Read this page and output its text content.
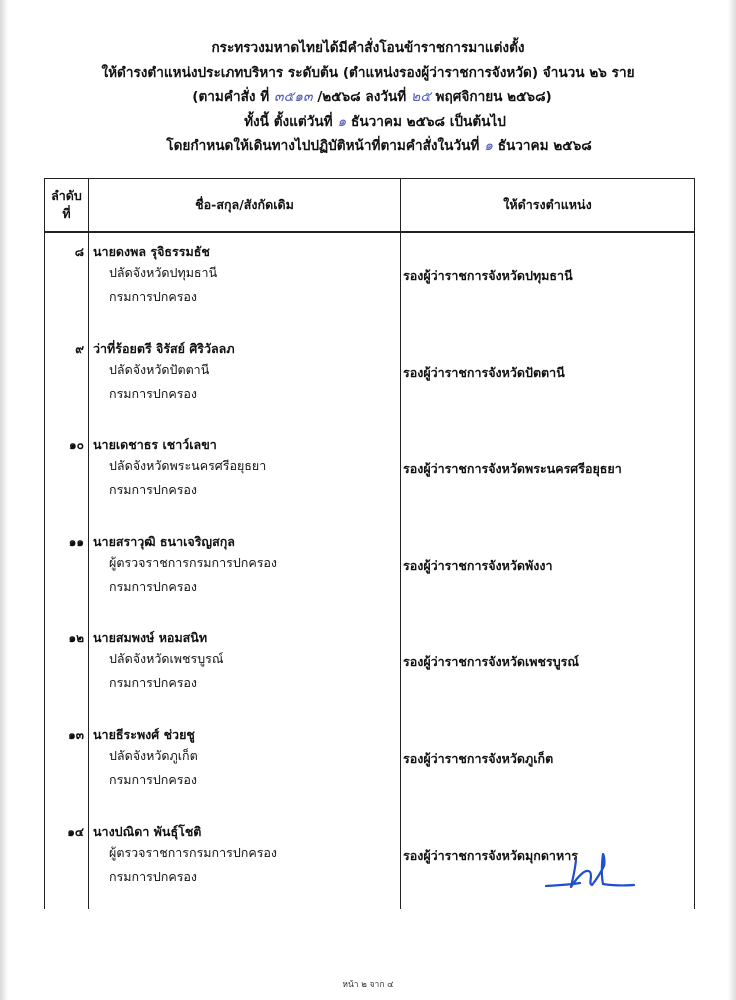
กระทรวงมหาดไทยได้มีคำสั่งโอนข้าราชการมาแต่งตั้ง
ให้ดำรงตำแหน่งประเภทบริหาร ระดับต้น (ตำแหน่งรองผู้ว่าราชการจังหวัด) จำนวน ๒๖ ราย
(ตามคำสั่ง ที่ ๓๕๑๓ /๒๕๖๘ ลงวันที่ ๒๕ พฤศจิกายน ๒๕๖๘)
ทั้งนี้ ตั้งแต่วันที่ ๑ ธันวาคม ๒๕๖๘ เป็นต้นไป
โดยกำหนดให้เดินทางไปปฏิบัติหน้าที่ตามคำสั่งในวันที่ ๑ ธันวาคม ๒๕๖๘
ลำดับ ที่	ชื่อ-สกุล/สังกัดเดิม	ให้ดำรงตำแหน่ง

๘	นายดงพล รุจิธรรมธัช
ปลัดจังหวัดปทุมธานี
กรมการปกครอง	รองผู้ว่าราชการจังหวัดปทุมธานี

๙	ว่าที่ร้อยตรี จิรัสย์ ศิริวัลลภ
ปลัดจังหวัดปัตตานี
กรมการปกครอง	รองผู้ว่าราชการจังหวัดปัตตานี

๑๐	นายเดชาธร เชาว์เลขา
ปลัดจังหวัดพระนครศรีอยุธยา
กรมการปกครอง	รองผู้ว่าราชการจังหวัดพระนครศรีอยุธยา

๑๑	นายสราวุฒิ ธนาเจริญสกุล
ผู้ตรวจราชการกรมการปกครอง
กรมการปกครอง	รองผู้ว่าราชการจังหวัดพังงา

๑๒	นายสมพงษ์ หอมสนิท
ปลัดจังหวัดเพชรบูรณ์
กรมการปกครอง	รองผู้ว่าราชการจังหวัดเพชรบูรณ์

๑๓	นายธีระพงศ์ ช่วยชู
ปลัดจังหวัดภูเก็ต
กรมการปกครอง	รองผู้ว่าราชการจังหวัดภูเก็ต

๑๔	นางปณิดา พันธุ์โชติ
ผู้ตรวจราชการกรมการปกครอง
กรมการปกครอง	รองผู้ว่าราชการจังหวัดมุกดาหาร
หน้า ๒ จาก ๔
